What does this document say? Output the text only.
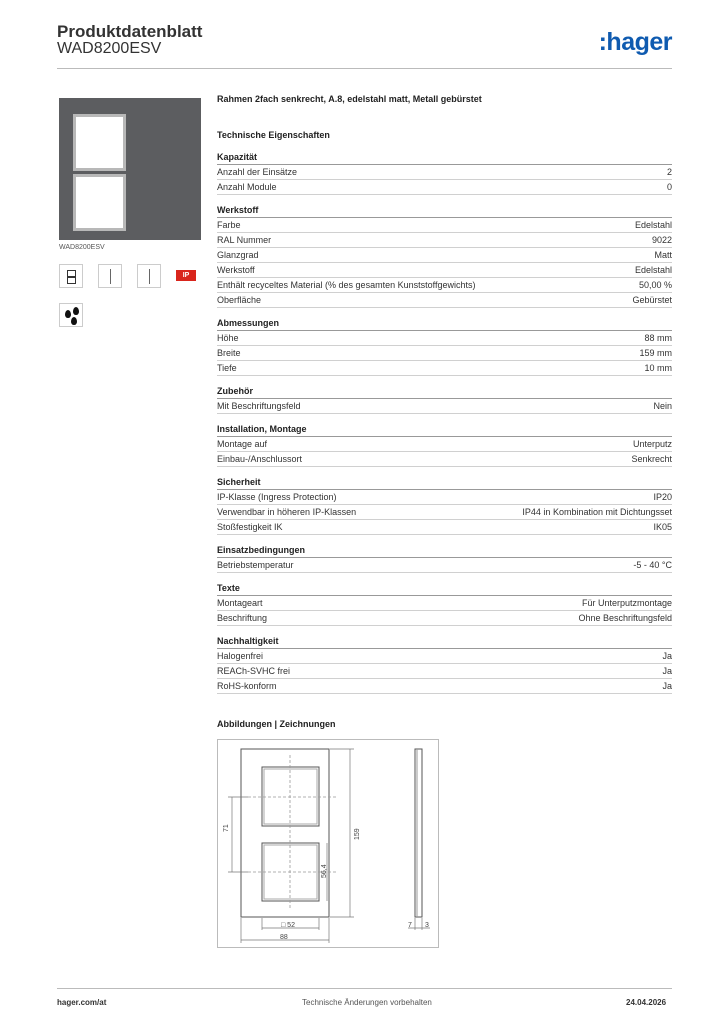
Produktdatenblatt
WAD8200ESV	:hager
WAD8200ESV
IP
Rahmen 2fach senkrecht, A.8, edelstahl matt, Metall gebürstet
Technische Eigenschaften
Kapazität
Anzahl der Einsätze	2
Anzahl Module	0
Werkstoff
Farbe	Edelstahl
RAL Nummer	9022
Glanzgrad	Matt
Werkstoff	Edelstahl
Enthält recyceltes Material (% des gesamten Kunststoffgewichts)	50,00 %
Oberfläche	Gebürstet
Abmessungen
Höhe	88 mm
Breite	159 mm
Tiefe	10 mm
Zubehör
Mit Beschriftungsfeld	Nein
Installation, Montage
Montage auf	Unterputz
Einbau-/Anschlussort	Senkrecht
Sicherheit
IP-Klasse (Ingress Protection)	IP20
Verwendbar in höheren IP-Klassen	IP44 in Kombination mit Dichtungsset
Stoßfestigkeit IK	IK05
Einsatzbedingungen
Betriebstemperatur	-5 - 40 °C
Texte
Montageart	Für Unterputzmontage
Beschriftung	Ohne Beschriftungsfeld
Nachhaltigkeit
Halogenfrei	Ja
REACh-SVHC frei	Ja
RoHS-konform	Ja
Abbildungen | Zeichnungen
71
159
56,4
□ 52
88
7 3
hager.com/at	Technische Änderungen vorbehalten	24.04.2026
